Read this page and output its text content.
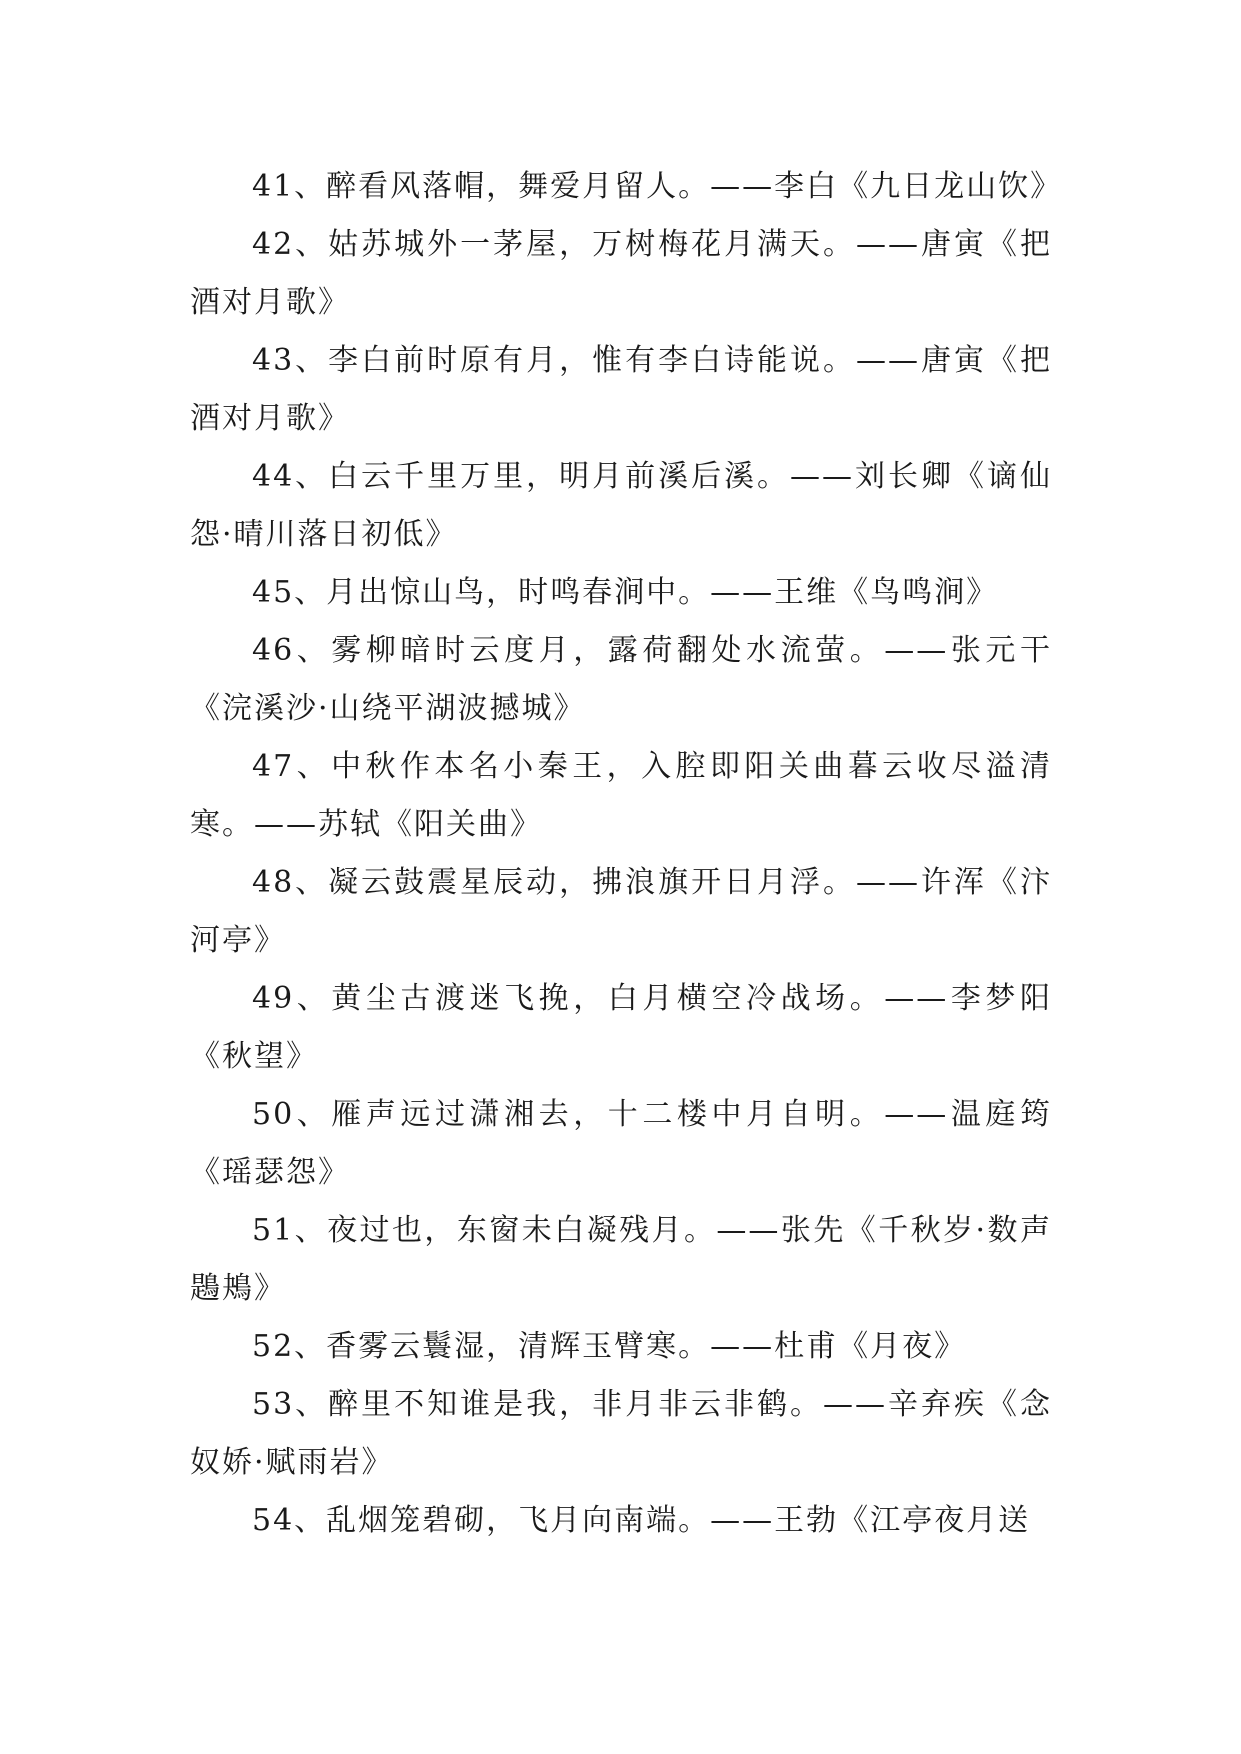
41、醉看风落帽，舞爱月留人。——李白《九日龙山饮》

42、姑苏城外一茅屋，万树梅花月满天。——唐寅《把酒对月歌》

43、李白前时原有月，惟有李白诗能说。——唐寅《把酒对月歌》

44、白云千里万里，明月前溪后溪。——刘长卿《谪仙怨·晴川落日初低》

45、月出惊山鸟，时鸣春涧中。——王维《鸟鸣涧》

46、雾柳暗时云度月，露荷翻处水流萤。——张元干《浣溪沙·山绕平湖波撼城》

47、中秋作本名小秦王，入腔即阳关曲暮云收尽溢清寒。——苏轼《阳关曲》

48、凝云鼓震星辰动，拂浪旗开日月浮。——许浑《汴河亭》

49、黄尘古渡迷飞挽，白月横空冷战场。——李梦阳《秋望》

50、雁声远过潇湘去，十二楼中月自明。——温庭筠《瑶瑟怨》

51、夜过也，东窗未白凝残月。——张先《千秋岁·数声鶗鴂》

52、香雾云鬟湿，清辉玉臂寒。——杜甫《月夜》

53、醉里不知谁是我，非月非云非鹤。——辛弃疾《念奴娇·赋雨岩》

54、乱烟笼碧砌，飞月向南端。——王勃《江亭夜月送
